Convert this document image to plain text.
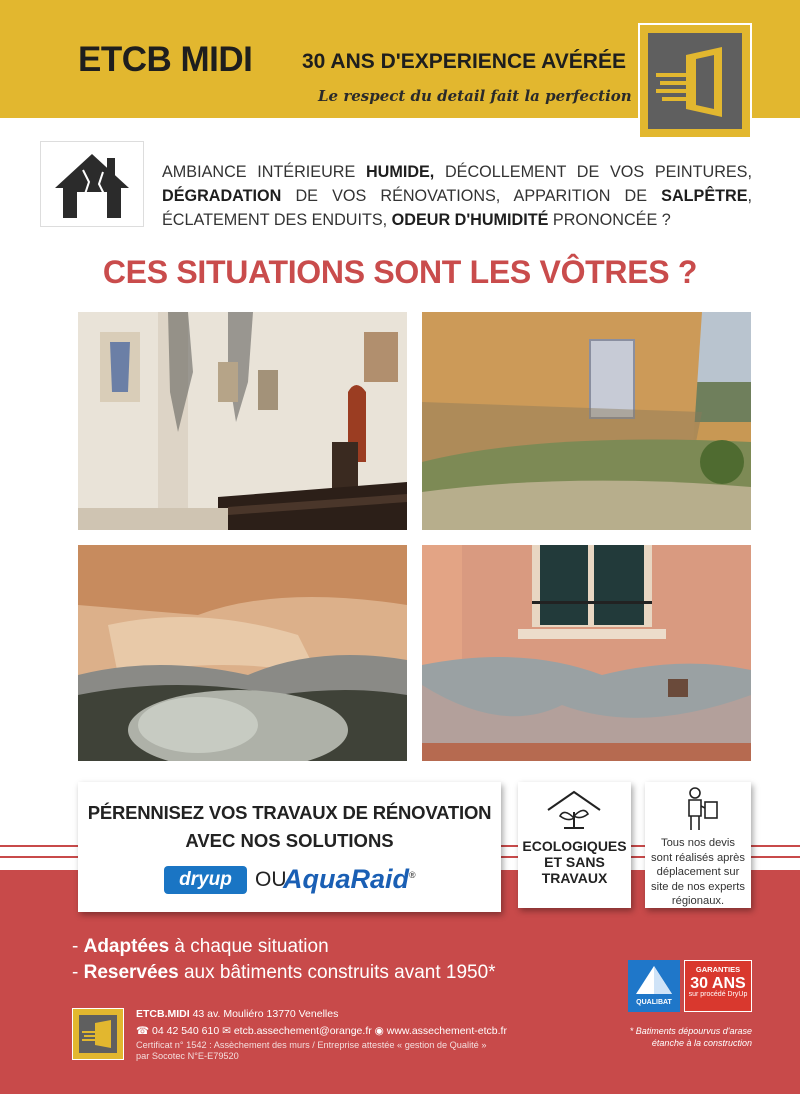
ETCB MIDI 30 ANS D'EXPERIENCE AVÉRÉE
Le respect du detail fait la perfection
AMBIANCE INTÉRIEURE HUMIDE, DÉCOLLEMENT DE VOS PEINTURES, DÉGRADATION DE VOS RÉNOVATIONS, APPARITION DE SALPÊTRE, ÉCLATEMENT DES ENDUITS, ODEUR D'HUMIDITÉ PRONONCÉE ?
CES SITUATIONS SONT LES VÔTRES ?
PÉRENNISEZ VOS TRAVAUX DE RÉNOVATION
AVEC NOS SOLUTIONS
dryup	OU
AquaRaid®
ECOLOGIQUES
ET SANS
TRAVAUX
Tous nos devis
sont réalisés après
déplacement sur
site de nos experts
régionaux.
- Adaptées à chaque situation
- Reservées aux bâtiments construits avant 1950*
QUALIBAT
GARANTIES
30 ANS
sur procédé DryUp
ETCB.MIDI 43 av. Mouliéro 13770 Venelles
☎ 04 42 540 610 ✉ etcb.assechement@orange.fr ◉ www.assechement-etcb.fr
Certificat n° 1542 : Assèchement des murs / Entreprise attestée « gestion de Qualité »
par Socotec N°E-E79520
* Batiments dépourvus d'arase
étanche à la construction
